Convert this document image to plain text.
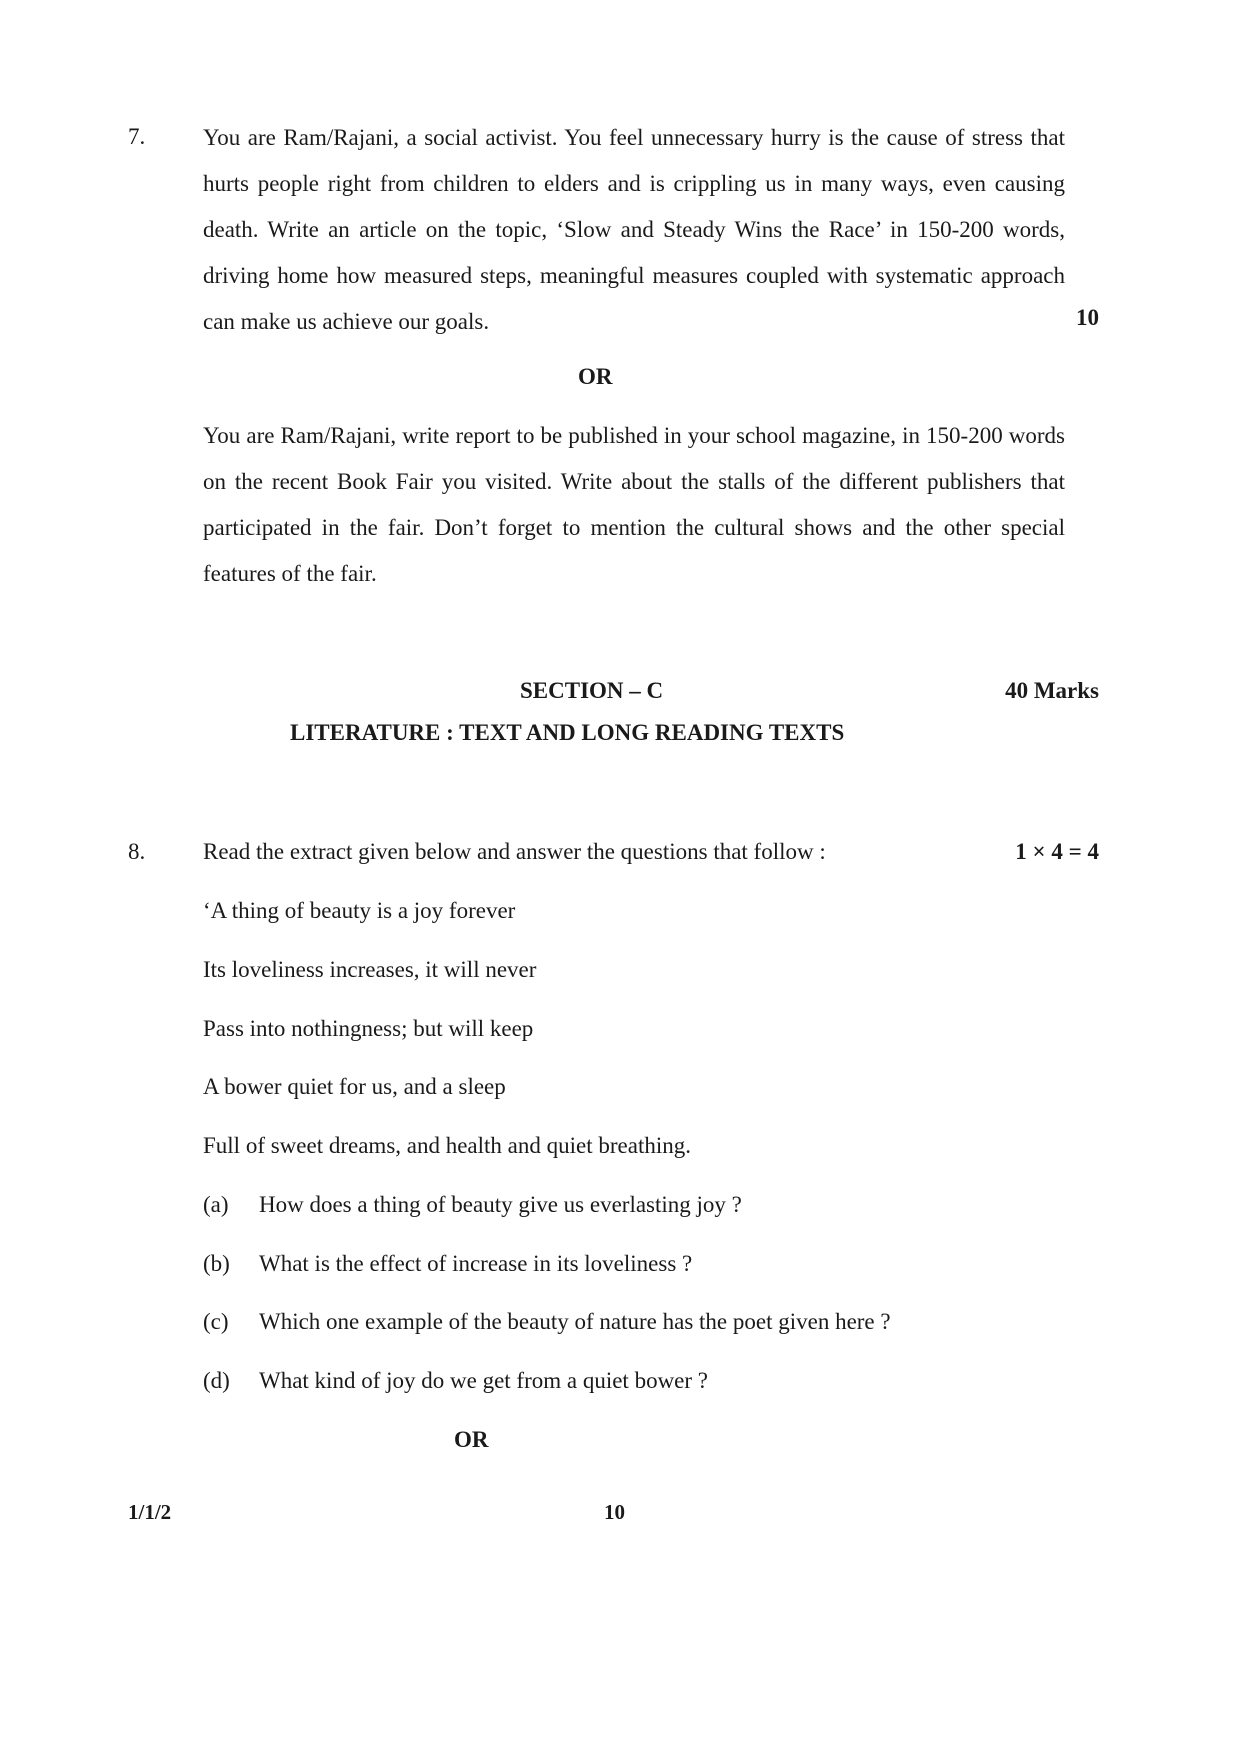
7.	You are Ram/Rajani, a social activist. You feel unnecessary hurry is the cause of stress that hurts people right from children to elders and is crippling us in many ways, even causing death. Write an article on the topic, ‘Slow and Steady Wins the Race’ in 150-200 words, driving home how measured steps, meaningful measures coupled with systematic approach can make us achieve our goals.	10
OR
You are Ram/Rajani, write report to be published in your school magazine, in 150-200 words on the recent Book Fair you visited. Write about the stalls of the different publishers that participated in the fair. Don’t forget to mention the cultural shows and the other special features of the fair.
SECTION – C	40 Marks
LITERATURE : TEXT AND LONG READING TEXTS
8.	Read the extract given below and answer the questions that follow :	1 × 4 = 4
‘A thing of beauty is a joy forever
Its loveliness increases, it will never
Pass into nothingness; but will keep
A bower quiet for us, and a sleep
Full of sweet dreams, and health and quiet breathing.
(a) How does a thing of beauty give us everlasting joy ?
(b) What is the effect of increase in its loveliness ?
(c) Which one example of the beauty of nature has the poet given here ?
(d) What kind of joy do we get from a quiet bower ?
OR
1/1/2	10
